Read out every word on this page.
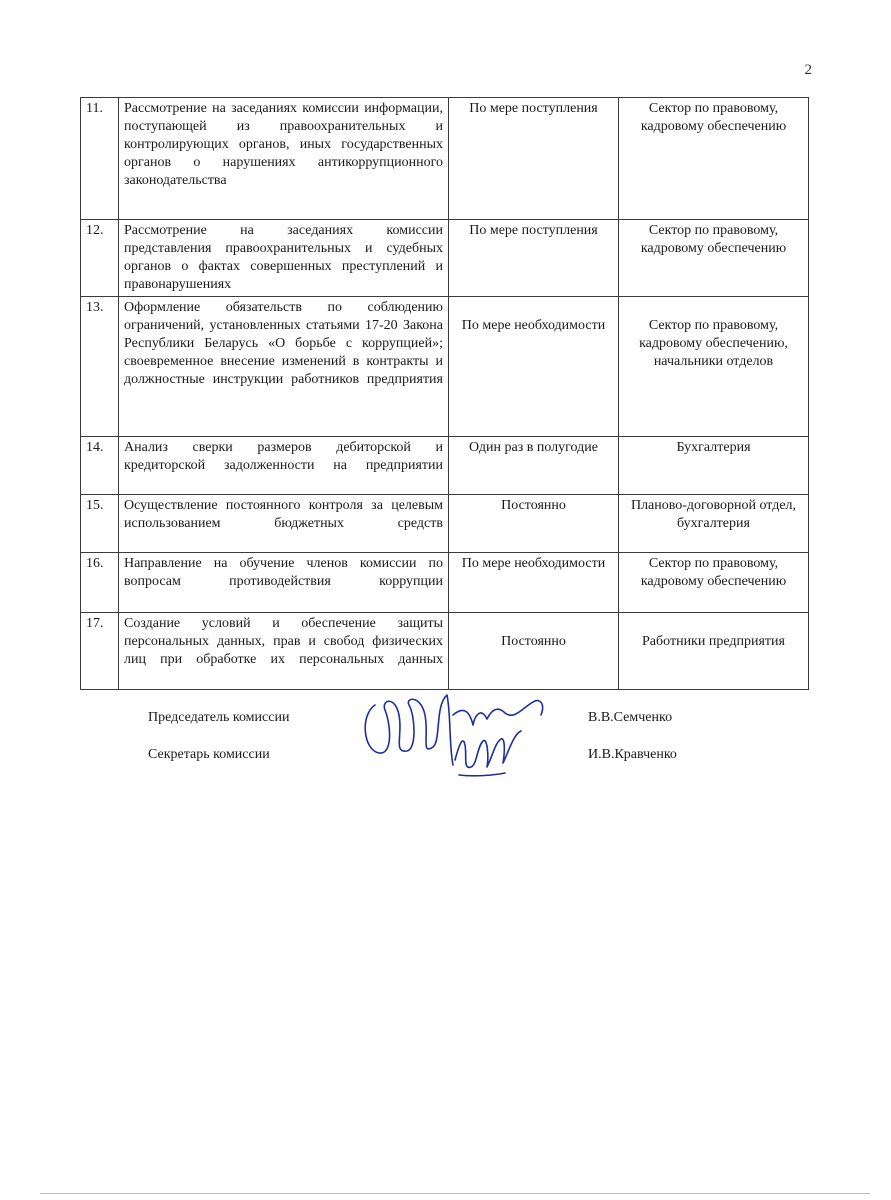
2
11.	Рассмотрение на заседаниях комиссии информации, поступающей из правоохранительных и контролирующих органов, иных государственных органов о нарушениях антикоррупционного законодательства	По мере поступления	Сектор по правовому, кадровому обеспечению
12.	Рассмотрение на заседаниях комиссии представления правоохранительных и судебных органов о фактах совершенных преступлений и правонарушениях	По мере поступления	Сектор по правовому, кадровому обеспечению
13.	Оформление обязательств по соблюдению ограничений, установленных статьями 17-20 Закона Республики Беларусь «О борьбе с коррупцией»; своевременное внесение изменений в контракты и должностные инструкции работников предприятия	По мере необходимости	Сектор по правовому, кадровому обеспечению, начальники отделов
14.	Анализ сверки размеров дебиторской и кредиторской задолженности на предприятии	Один раз в полугодие	Бухгалтерия
15.	Осуществление постоянного контроля за целевым использованием бюджетных средств	Постоянно	Планово-договорной отдел, бухгалтерия
16.	Направление на обучение членов комиссии по вопросам противодействия коррупции	По мере необходимости	Сектор по правовому, кадровому обеспечению
17.	Создание условий и обеспечение защиты персональных данных, прав и свобод физических лиц при обработке их персональных данных	Постоянно	Работники предприятия
Председатель комиссии	В.В.Семченко
Секретарь комиссии	И.В.Кравченко
